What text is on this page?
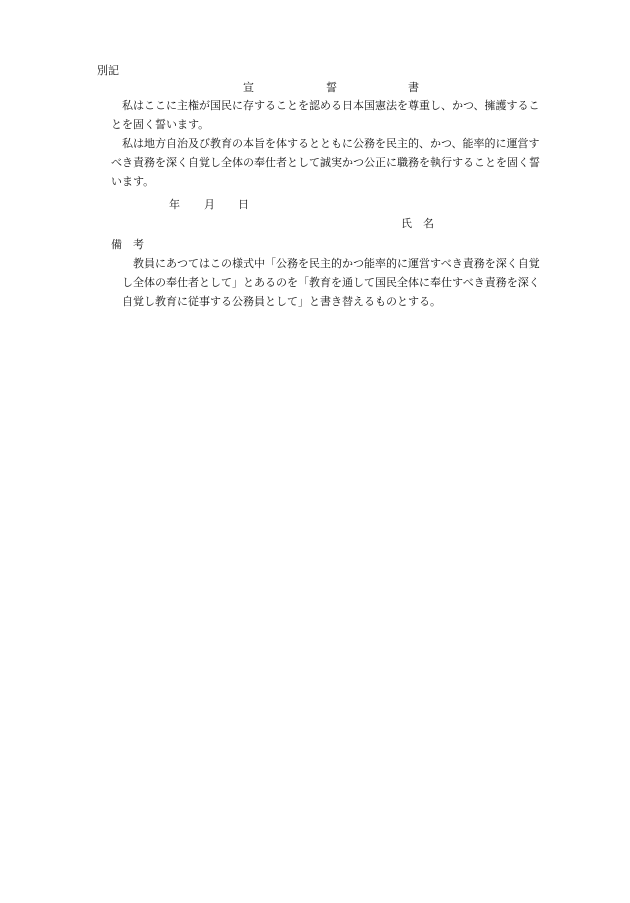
別記
宣	誓	書
私はここに主権が国民に存することを認める日本国憲法を尊重し、かつ、擁護するこ
とを固く誓います。
私は地方自治及び教育の本旨を体するとともに公務を民主的、かつ、能率的に運営す
べき責務を深く自覚し全体の奉仕者として誠実かつ公正に職務を執行することを固く誓
います。
年 月 日
氏　名
備　考
教員にあつてはこの様式中「公務を民主的かつ能率的に運営すべき責務を深く自覚
し全体の奉仕者として」とあるのを「教育を通して国民全体に奉仕すべき責務を深く
自覚し教育に従事する公務員として」と書き替えるものとする。
